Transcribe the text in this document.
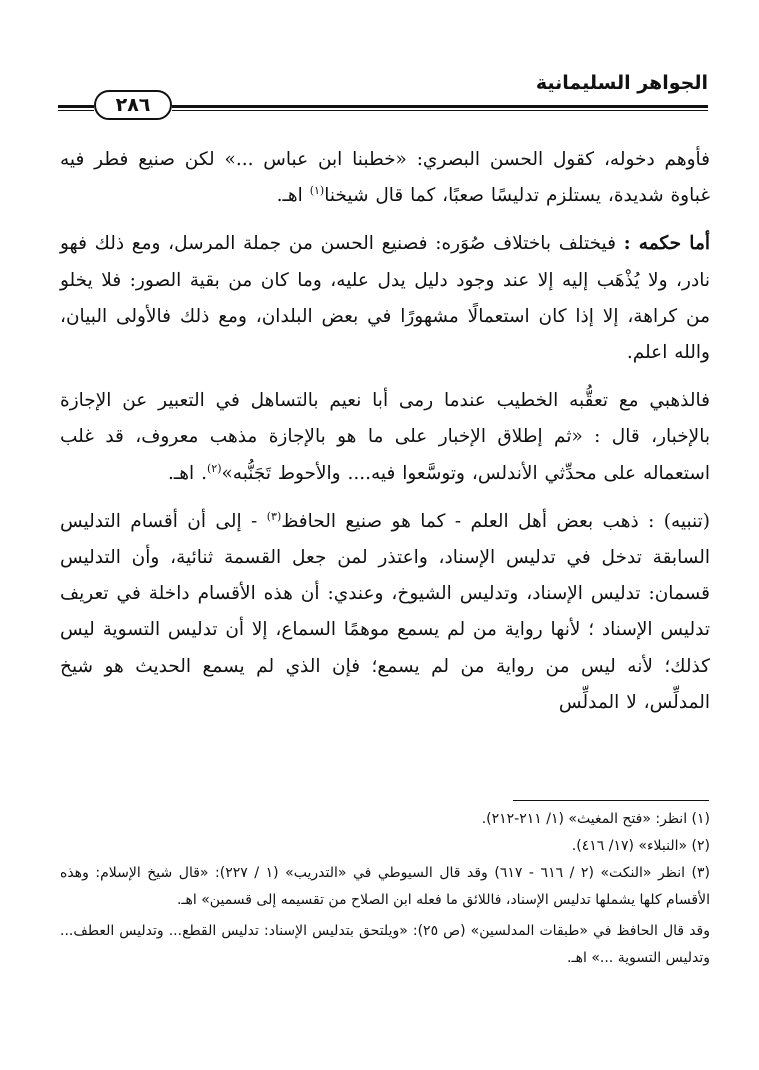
الجواهر السليمانية
٢٨٦

فأوهم دخوله، كقول الحسن البصري: «خطبنا ابن عباس ...» لكن صنيع فطر فيه غباوة شديدة، يستلزم تدليسًا صعبًا، كما قال شيخنا$^{(١)}$ اهـ.

أما حكمه : فيختلف باختلاف صُوَره: فصنيع الحسن من جملة المرسل، ومع ذلك فهو نادر، ولا يُذْهَب إليه إلا عند وجود دليل يدل عليه، وما كان من بقية الصور: فلا يخلو من كراهة، إلا إذا كان استعمالًا مشهورًا في بعض البلدان، ومع ذلك فالأولى البيان، والله اعلم.

فالذهبي مع تعقُّبه الخطيب عندما رمى أبا نعيم بالتساهل في التعبير عن الإجازة بالإخبار، قال : «ثم إطلاق الإخبار على ما هو بالإجازة مذهب معروف، قد غلب استعماله على محدِّثي الأندلس، وتوسَّعوا فيه.... والأحوط تَجَنُّبه»$^{(٢)}$. اهـ.

(تنبيه) : ذهب بعض أهل العلم - كما هو صنيع الحافظ$^{(٣)}$ - إلى أن أقسام التدليس السابقة تدخل في تدليس الإسناد، واعتذر لمن جعل القسمة ثنائية، وأن التدليس قسمان: تدليس الإسناد، وتدليس الشيوخ، وعندي: أن هذه الأقسام داخلة في تعريف تدليس الإسناد ؛ لأنها رواية من لم يسمع موهمًا السماع، إلا أن تدليس التسوية ليس كذلك؛ لأنه ليس من رواية من لم يسمع؛ فإن الذي لم يسمع الحديث هو شيخ المدلِّس، لا المدلِّس

(١) انظر: «فتح المغيث» (١/ ٢١١-٢١٢).

(٢) «النبلاء» (١٧/ ٤١٦).

(٣) انظر «النكت» (٢ / ٦١٦ - ٦١٧) وقد قال السيوطي في «التدريب» (١ / ٢٢٧): «قال شيخ الإسلام: وهذه الأقسام كلها يشملها تدليس الإسناد، فاللائق ما فعله ابن الصلاح من تقسيمه إلى قسمين» اهـ.

وقد قال الحافظ في «طبقات المدلسين» (ص ٢٥): «ويلتحق بتدليس الإسناد: تدليس القطع... وتدليس العطف... وتدليس التسوية ...» اهـ.
